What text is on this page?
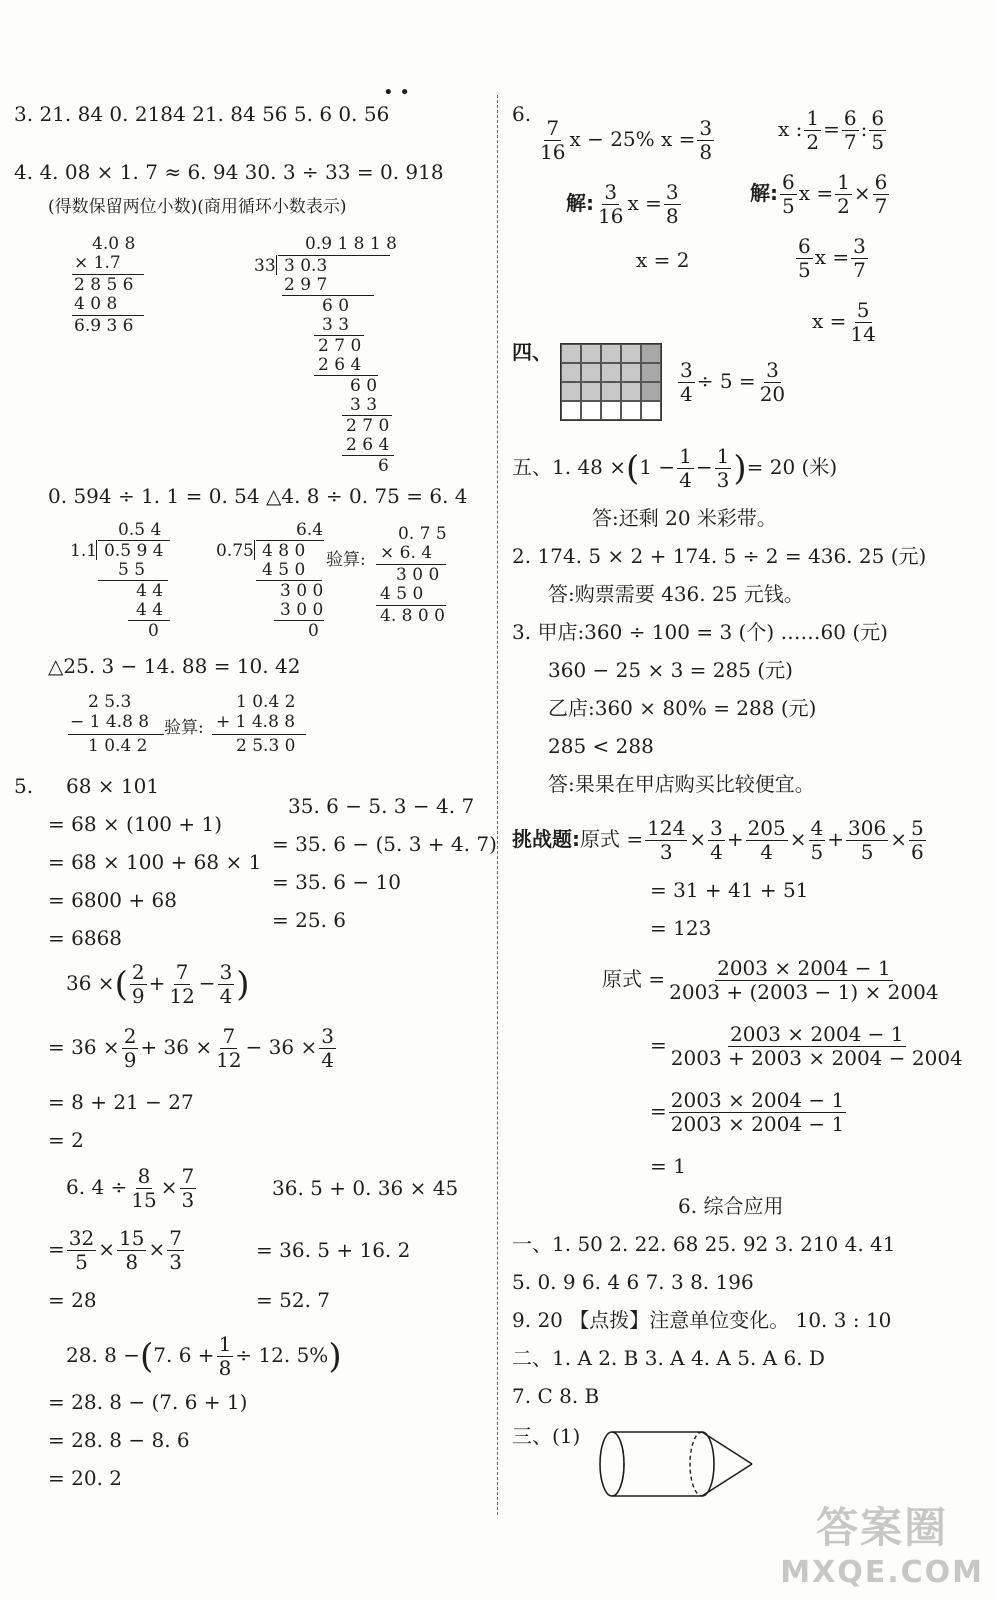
3. 21. 84 0. 2184 21. 84 56 5. 6 0. 56
• •
4. 4. 08 × 1. 7 ≈ 6. 94 30. 3 ÷ 33 = 0. 918
(得数保留两位小数)(商用循环小数表示)
4.0 8
× 1.7
2 8 5 6
4 0 8
6.9 3 6
0.9 1 8 1 8
33 3 0.3
2 9 7
6 0
3 3
2 7 0
2 6 4
6 0
3 3
2 7 0
2 6 4
6
0. 594 ÷ 1. 1 = 0. 54 △4. 8 ÷ 0. 75 = 6. 4
0.5 4
1.1 0.5 9 4
5 5
4 4
4 4
0
6.4
0.75 4 8 0
4 5 0
3 0 0
3 0 0
0
验算:
0. 7 5
× 6. 4
3 0 0
4 5 0
4. 8 0 0
△25. 3 − 14. 88 = 10. 42
2 5.3
− 1 4.8 8
1 0.4 2
验算:
1 0.4 2
+ 1 4.8 8
2 5.3 0
5. 68 × 101
= 68 × (100 + 1)
= 68 × 100 + 68 × 1
= 6800 + 68
= 6868
35. 6 − 5. 3 − 4. 7
= 35. 6 − (5. 3 + 4. 7)
= 35. 6 − 10
= 25. 6
36 ×( $\frac{2}{9} + \frac{7}{12} - \frac{3}{4}$ )
= $36 \times \frac{2}{9} + 36 \times \frac{7}{12} - 36 \times \frac{3}{4}$
= 8 + 21 − 27
= 2
6. $4 \div \frac{8}{15} \times \frac{7}{3}$
= $\frac{32}{5} \times \frac{15}{8} \times \frac{7}{3}$
= 28
36. 5 + 0. 36 × 45
= 36. 5 + 16. 2
= 52. 7
28. 8 −(7. $6 + \frac{1}{8} \div 12$. 5%)
= 28. 8 − (7. 6 + 1)
= 28. 8 − 8. 6
= 20. 2
6.
$\frac{7}{16}$ x − 25% $x = \frac{3}{8}$
解: $\frac{3}{16}$ $x = \frac{3}{8}$
x = 2
x : $\frac{1}{2} = \frac{6}{7}$ : $\frac{6}{5}$
解: $\frac{6}{5}$ $x = \frac{1}{2} \times \frac{6}{7}$
$\frac{6}{5}$ $x = \frac{3}{7}$
$x = \frac{5}{14}$
四、
$\frac{3}{4} \div 5 = \frac{3}{20}$
五、1. $48 \times(1 - \frac{1}{4} - \frac{1}{3}$ )= 20 (米)
答:还剩 20 米彩带。
2. 174. 5 × 2 + 174. 5 ÷ 2 = 436. 25 (元)
答:购票需要 436. 25 元钱。
3. 甲店:360 ÷ 100 = 3 (个) ……60 (元)
360 − 25 × 3 = 285 (元)
乙店:360 × 80% = 288 (元)
285 < 288
答:果果在甲店购买比较便宜。
挑战题:原式 = $\frac{124}{3} \times \frac{3}{4} + \frac{205}{4} \times \frac{4}{5} + \frac{306}{5} \times \frac{5}{6}$
= 31 + 41 + 51
= 123
原式 = $\frac{2003 \times 2004 - 1}{2003 + (2003 - 1) \times 2004}$
= $\frac{2003 \times 2004 - 1}{2003 + 2003 \times 2004 - 2004}$
= $\frac{2003 \times 2004 - 1}{2003 \times 2004 - 1}$
= 1
6. 综合应用
一、1. 50 2. 22. 68 25. 92 3. 210 4. 41
5. 0. 9 6. 4 6 7. 3 8. 196
9. 20 【点拨】注意单位变化。 10. 3 : 10
二、1. A 2. B 3. A 4. A 5. A 6. D
7. C 8. B
三、(1)
答案圈
MXQE.COM
